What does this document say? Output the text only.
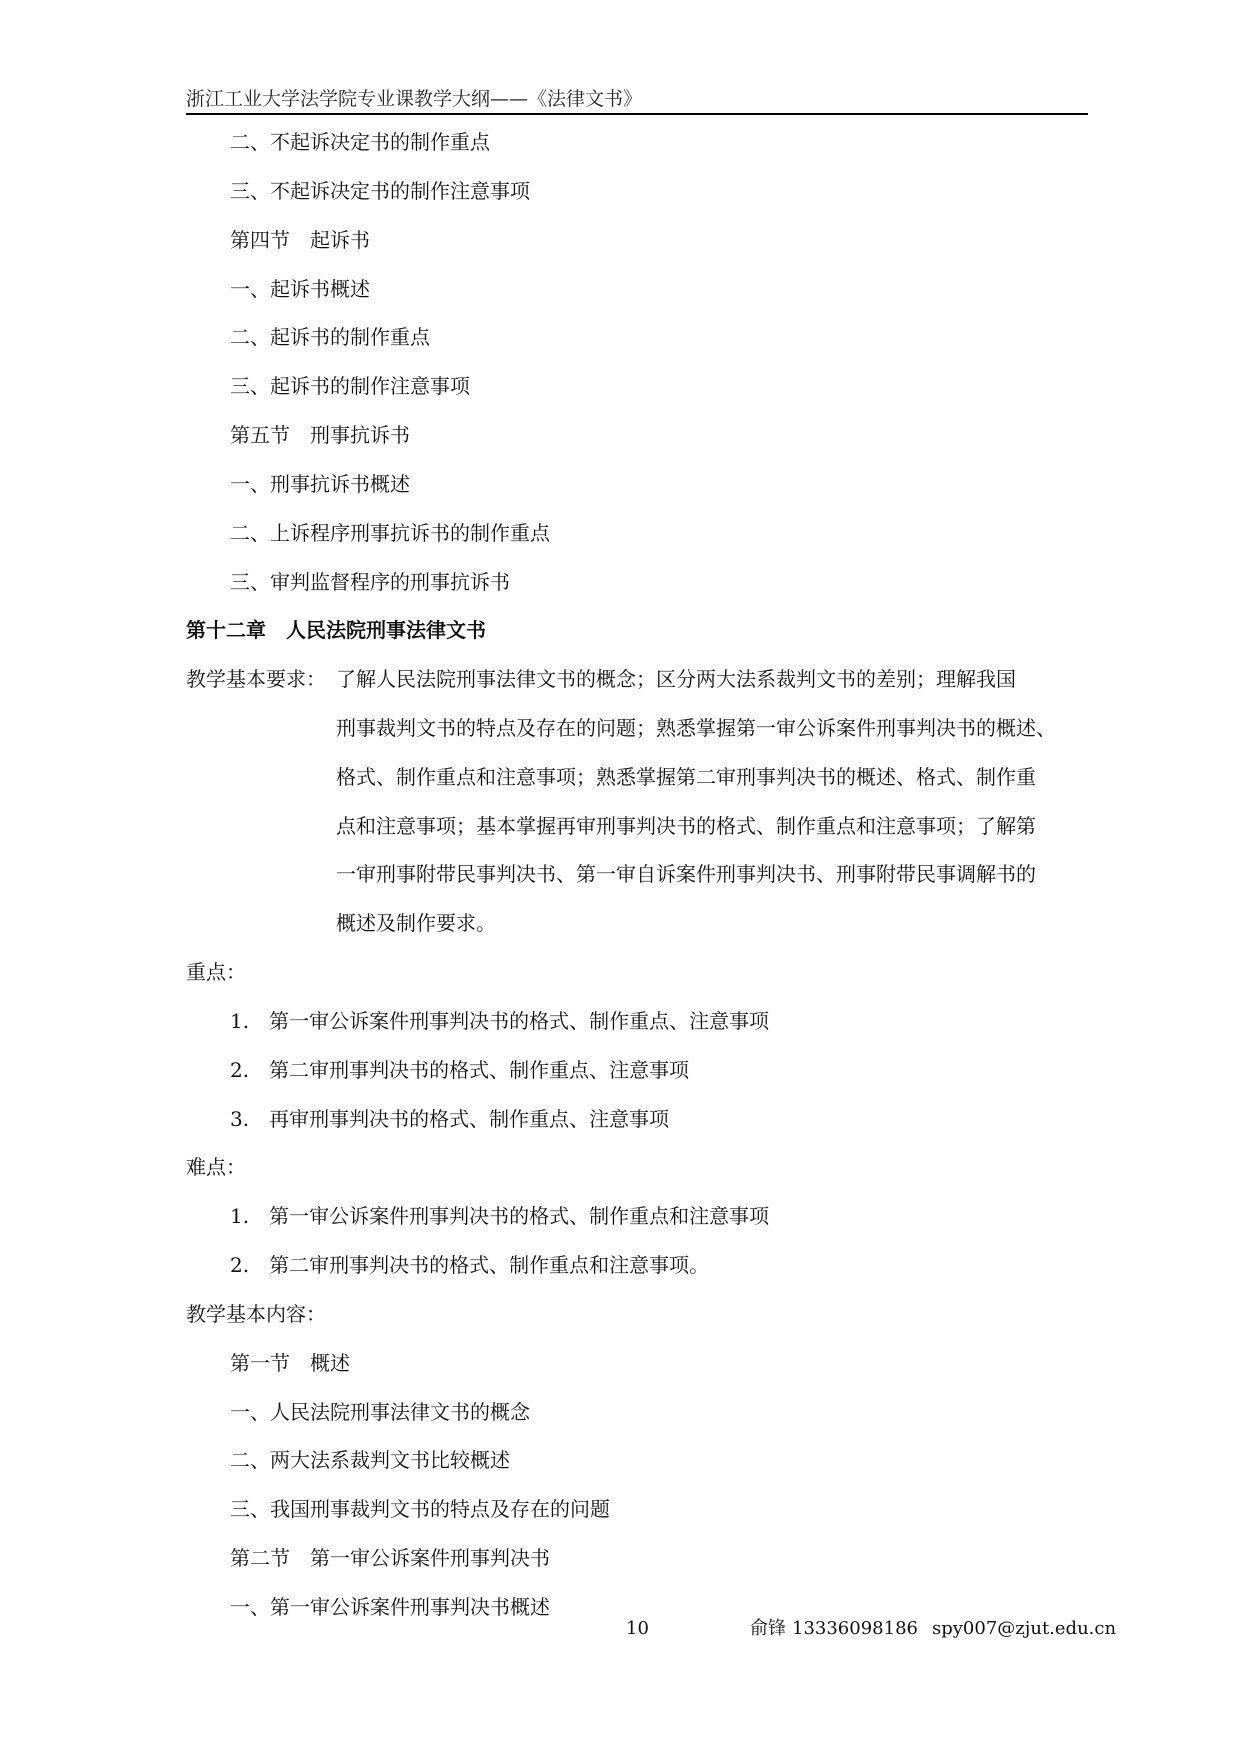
浙江工业大学法学院专业课教学大纲——《法律文书》
二、不起诉决定书的制作重点
三、不起诉决定书的制作注意事项
第四节　起诉书
一、起诉书概述
二、起诉书的制作重点
三、起诉书的制作注意事项
第五节　刑事抗诉书
一、刑事抗诉书概述
二、上诉程序刑事抗诉书的制作重点
三、审判监督程序的刑事抗诉书
第十二章　人民法院刑事法律文书
教学基本要求： 了解人民法院刑事法律文书的概念；区分两大法系裁判文书的差别；理解我国
刑事裁判文书的特点及存在的问题；熟悉掌握第一审公诉案件刑事判决书的概述、
格式、制作重点和注意事项；熟悉掌握第二审刑事判决书的概述、格式、制作重
点和注意事项；基本掌握再审刑事判决书的格式、制作重点和注意事项；了解第
一审刑事附带民事判决书、第一审自诉案件刑事判决书、刑事附带民事调解书的
概述及制作要求。
重点：
1.　第一审公诉案件刑事判决书的格式、制作重点、注意事项
2.　第二审刑事判决书的格式、制作重点、注意事项
3.　再审刑事判决书的格式、制作重点、注意事项
难点：
1.　第一审公诉案件刑事判决书的格式、制作重点和注意事项
2.　第二审刑事判决书的格式、制作重点和注意事项。
教学基本内容：
第一节　概述
一、人民法院刑事法律文书的概念
二、两大法系裁判文书比较概述
三、我国刑事裁判文书的特点及存在的问题
第二节　第一审公诉案件刑事判决书
一、第一审公诉案件刑事判决书概述
10	俞锋 13336098186 spy007@zjut.edu.cn
